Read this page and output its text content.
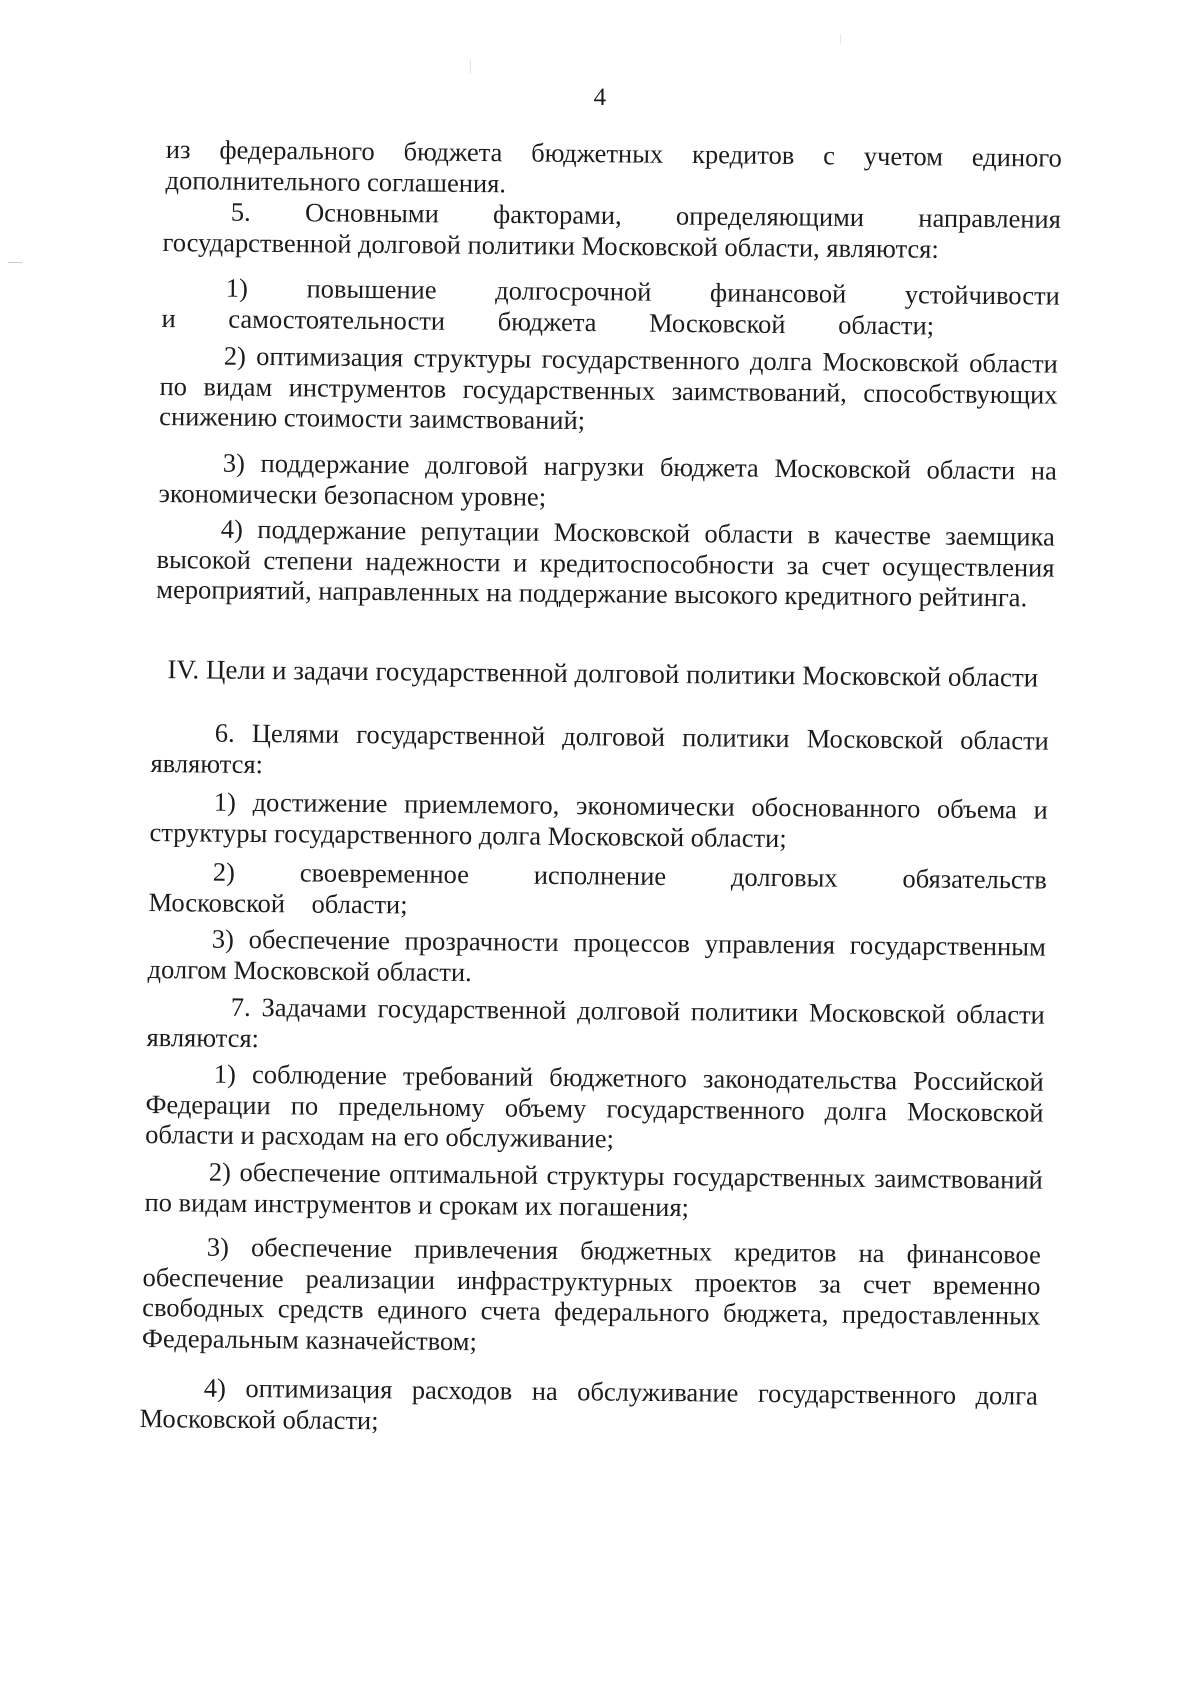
4

из федерального бюджета бюджетных кредитов с учетом единого дополнительного соглашения.

5. Основными факторами, определяющими направления государственной долговой политики Московской области, являются:

1) повышение долгосрочной финансовой устойчивости и самостоятельности бюджета Московской области;

2) оптимизация структуры государственного долга Московской области по видам инструментов государственных заимствований, способствующих снижению стоимости заимствований;

3) поддержание долговой нагрузки бюджета Московской области на экономически безопасном уровне;

4) поддержание репутации Московской области в качестве заемщика высокой степени надежности и кредитоспособности за счет осуществления мероприятий, направленных на поддержание высокого кредитного рейтинга.

IV. Цели и задачи государственной долговой политики Московской области

6. Целями государственной долговой политики Московской области являются:

1) достижение приемлемого, экономически обоснованного объема и структуры государственного долга Московской области;

2) своевременное исполнение долговых обязательств Московской области;

3) обеспечение прозрачности процессов управления государственным долгом Московской области.

7. Задачами государственной долговой политики Московской области являются:

1) соблюдение требований бюджетного законодательства Российской Федерации по предельному объему государственного долга Московской области и расходам на его обслуживание;

2) обеспечение оптимальной структуры государственных заимствований по видам инструментов и срокам их погашения;

3) обеспечение привлечения бюджетных кредитов на финансовое обеспечение реализации инфраструктурных проектов за счет временно свободных средств единого счета федерального бюджета, предоставленных Федеральным казначейством;

4) оптимизация расходов на обслуживание государственного долга Московской области;
